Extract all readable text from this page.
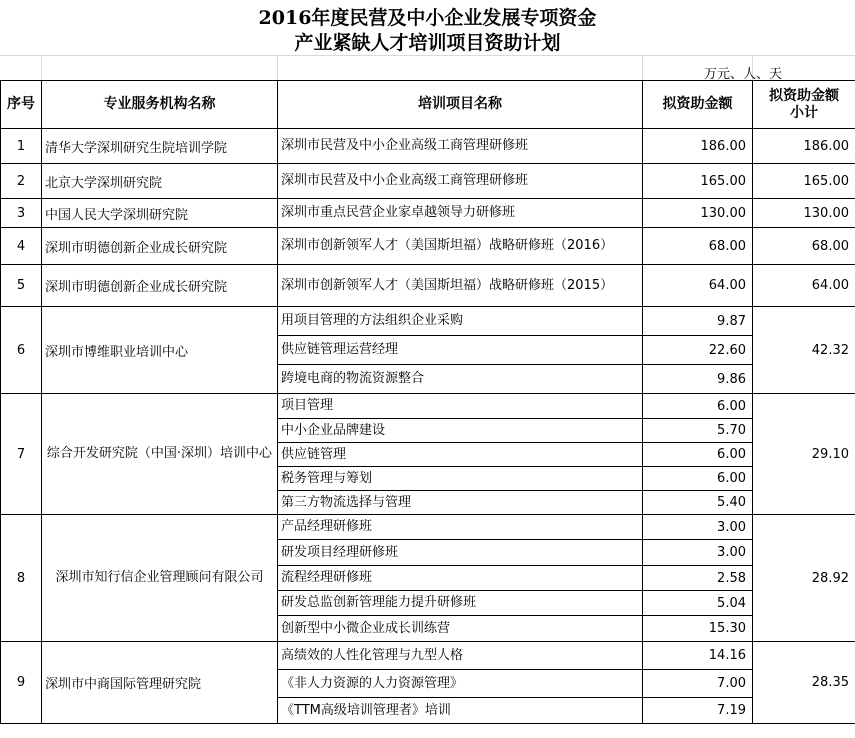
2016年度民营及中小企业发展专项资金
产业紧缺人才培训项目资助计划
万元、人、天
序号	专业服务机构名称	培训项目名称	拟资助金额	拟资助金额
小计

1	清华大学深圳研究生院培训学院	深圳市民营及中小企业高级工商管理研修班	186.00	186.00
2	北京大学深圳研究院	深圳市民营及中小企业高级工商管理研修班	165.00	165.00
3	中国人民大学深圳研究院	深圳市重点民营企业家卓越领导力研修班	130.00	130.00
4	深圳市明德创新企业成长研究院	深圳市创新领军人才（美国斯坦福）战略研修班（2016）	68.00	68.00
5	深圳市明德创新企业成长研究院	深圳市创新领军人才（美国斯坦福）战略研修班（2015）	64.00	64.00
6	深圳市博维职业培训中心	用项目管理的方法组织企业采购	9.87	42.32
		供应链管理运营经理	22.60	
		跨境电商的物流资源整合	9.86	
7	综合开发研究院（中国·深圳）培训中心	项目管理	6.00	29.10
		中小企业品牌建设	5.70	
		供应链管理	6.00	
		税务管理与筹划	6.00	
		第三方物流选择与管理	5.40	
8	深圳市知行信企业管理顾问有限公司	产品经理研修班	3.00	28.92
		研发项目经理研修班	3.00	
		流程经理研修班	2.58	
		研发总监创新管理能力提升研修班	5.04	
		创新型中小微企业成长训练营	15.30	
9	深圳市中商国际管理研究院	高绩效的人性化管理与九型人格	14.16	28.35
		《非人力资源的人力资源管理》	7.00	
		《TTM高级培训管理者》培训	7.19	
